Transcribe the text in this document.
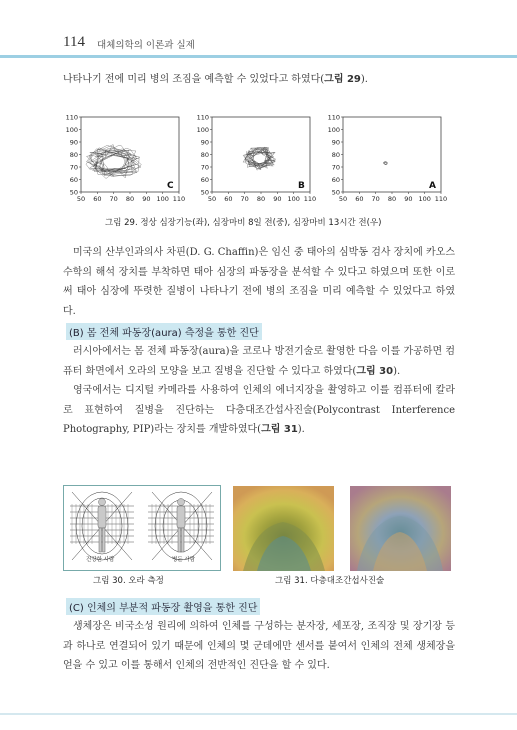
114 대체의학의 이론과 실제
나타나기 전에 미리 병의 조짐을 예측할 수 있었다고 하였다(그림 29).
50
60
70
80
90
100
110
50 60 70 80 90 100 110
C
50
60
70
80
90
100
110
50 60 70 80 90 100 110
B
50
60
70
80
90
100
110
50 60 70 80 90 100 110
A
그림 29. 정상 심장기능(좌), 심장마비 8일 전(중), 심장마비 13시간 전(우)
미국의 산부인과의사 차핀(D. G. Chaffin)은 임신 중 태아의 심박동 검사 장치에 카오스 수학의 해석 장치를 부착하면 태아 심장의 파동장을 분석할 수 있다고 하였으며 또한 이로써 태아 심장에 뚜렷한 질병이 나타나기 전에 병의 조짐을 미리 예측할 수 있었다고 하였다.
(B) 몸 전체 파동장(aura) 측정을 통한 진단
러시아에서는 몸 전체 파동장(aura)을 코로나 방전기술로 촬영한 다음 이를 가공하면 컴퓨터 화면에서 오라의 모양을 보고 질병을 진단할 수 있다고 하였다(그림 30).
영국에서는 디지털 카메라를 사용하여 인체의 에너지장을 촬영하고 이를 컴퓨터에 칼라로 표현하여 질병을 진단하는 다층대조간섭사진술(Polycontrast Interference Photography, PIP)라는 장치를 개발하였다(그림 31).
건강한 사람	병든 사람
그림 30. 오라 측정	그림 31. 다층대조간섭사진술
(C) 인체의 부분적 파동장 촬영을 통한 진단
생체장은 비국소성 원리에 의하여 인체를 구성하는 분자장, 세포장, 조직장 및 장기장 등과 하나로 연결되어 있기 때문에 인체의 몇 군데에만 센서를 붙여서 인체의 전체 생체장을 얻을 수 있고 이를 통해서 인체의 전반적인 진단을 할 수 있다.
